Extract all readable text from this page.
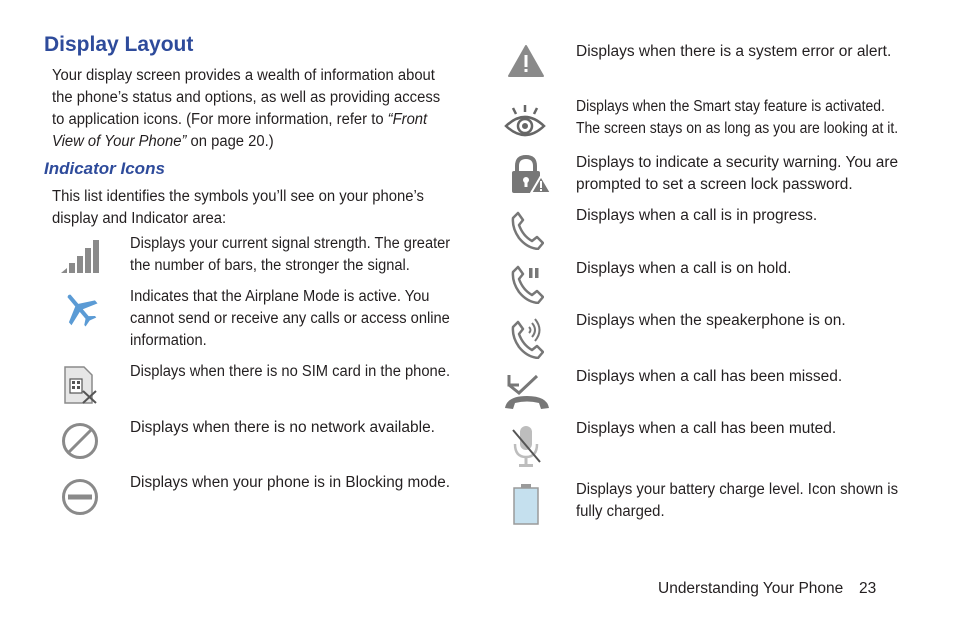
Display Layout
Your display screen provides a wealth of information about
the phone’s status and options, as well as providing access
to application icons. (For more information, refer to “Front
View of Your Phone” on page 20.)
Indicator Icons
This list identifies the symbols you’ll see on your phone’s
display and Indicator area:
Displays your current signal strength. The greater
the number of bars, the stronger the signal.
Indicates that the Airplane Mode is active. You
cannot send or receive any calls or access online
information.
Displays when there is no SIM card in the phone.
Displays when there is no network available.
Displays when your phone is in Blocking mode.
Displays when there is a system error or alert.
Displays when the Smart stay feature is activated.
The screen stays on as long as you are looking at it.
Displays to indicate a security warning. You are
prompted to set a screen lock password.
Displays when a call is in progress.
Displays when a call is on hold.
Displays when the speakerphone is on.
Displays when a call has been missed.
Displays when a call has been muted.
Displays your battery charge level. Icon shown is
fully charged.
Understanding Your Phone 23
